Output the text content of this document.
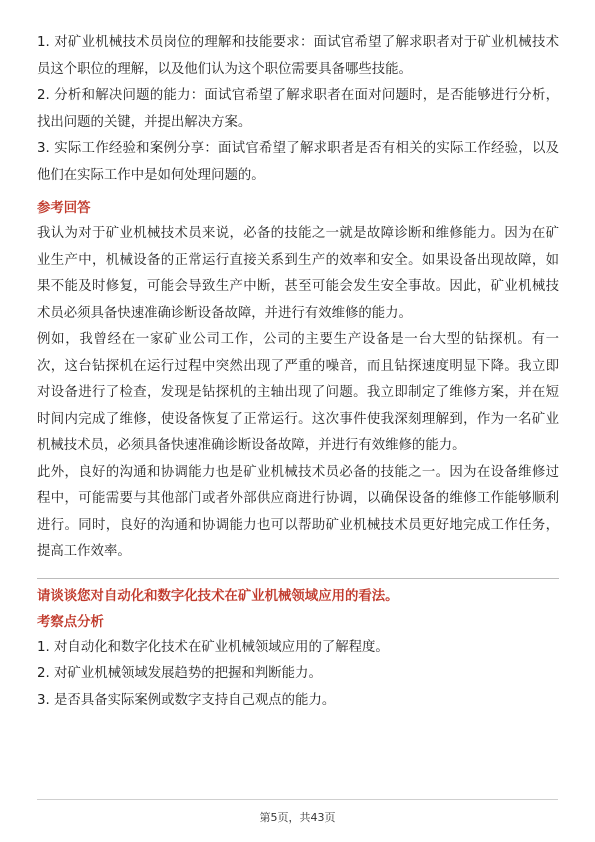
1. 对矿业机械技术员岗位的理解和技能要求：面试官希望了解求职者对于矿业机械技术员这个职位的理解，以及他们认为这个职位需要具备哪些技能。

2. 分析和解决问题的能力：面试官希望了解求职者在面对问题时，是否能够进行分析，找出问题的关键，并提出解决方案。

3. 实际工作经验和案例分享：面试官希望了解求职者是否有相关的实际工作经验，以及他们在实际工作中是如何处理问题的。

参考回答

我认为对于矿业机械技术员来说，必备的技能之一就是故障诊断和维修能力。因为在矿业生产中，机械设备的正常运行直接关系到生产的效率和安全。如果设备出现故障，如果不能及时修复，可能会导致生产中断，甚至可能会发生安全事故。因此，矿业机械技术员必须具备快速准确诊断设备故障，并进行有效维修的能力。

例如，我曾经在一家矿业公司工作，公司的主要生产设备是一台大型的钻探机。有一次，这台钻探机在运行过程中突然出现了严重的噪音，而且钻探速度明显下降。我立即对设备进行了检查，发现是钻探机的主轴出现了问题。我立即制定了维修方案，并在短时间内完成了维修，使设备恢复了正常运行。这次事件使我深刻理解到，作为一名矿业机械技术员，必须具备快速准确诊断设备故障，并进行有效维修的能力。

此外，良好的沟通和协调能力也是矿业机械技术员必备的技能之一。因为在设备维修过程中，可能需要与其他部门或者外部供应商进行协调，以确保设备的维修工作能够顺利进行。同时，良好的沟通和协调能力也可以帮助矿业机械技术员更好地完成工作任务，提高工作效率。

请谈谈您对自动化和数字化技术在矿业机械领域应用的看法。

考察点分析

1. 对自动化和数字化技术在矿业机械领域应用的了解程度。

2. 对矿业机械领域发展趋势的把握和判断能力。

3. 是否具备实际案例或数字支持自己观点的能力。

第5页，共43页
